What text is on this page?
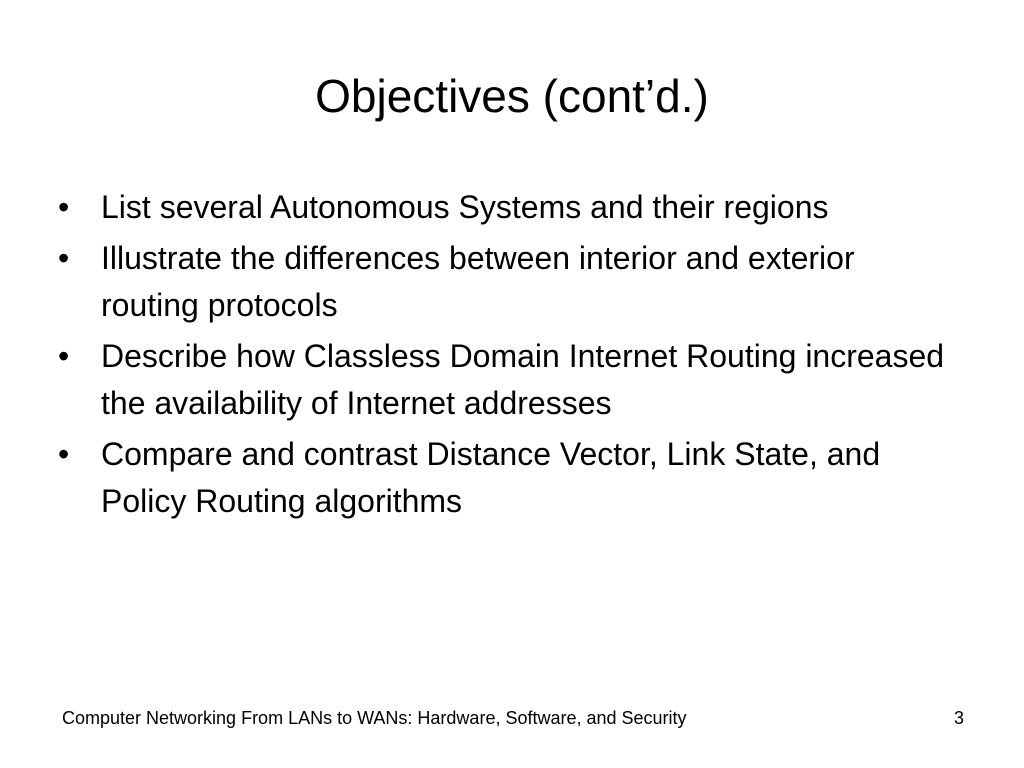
Objectives (cont’d.)
• List several Autonomous Systems and their regions
• Illustrate the differences between interior and exterior routing protocols
• Describe how Classless Domain Internet Routing increased the availability of Internet addresses
• Compare and contrast Distance Vector, Link State, and Policy Routing algorithms
Computer Networking From LANs to WANs: Hardware, Software, and Security	3
